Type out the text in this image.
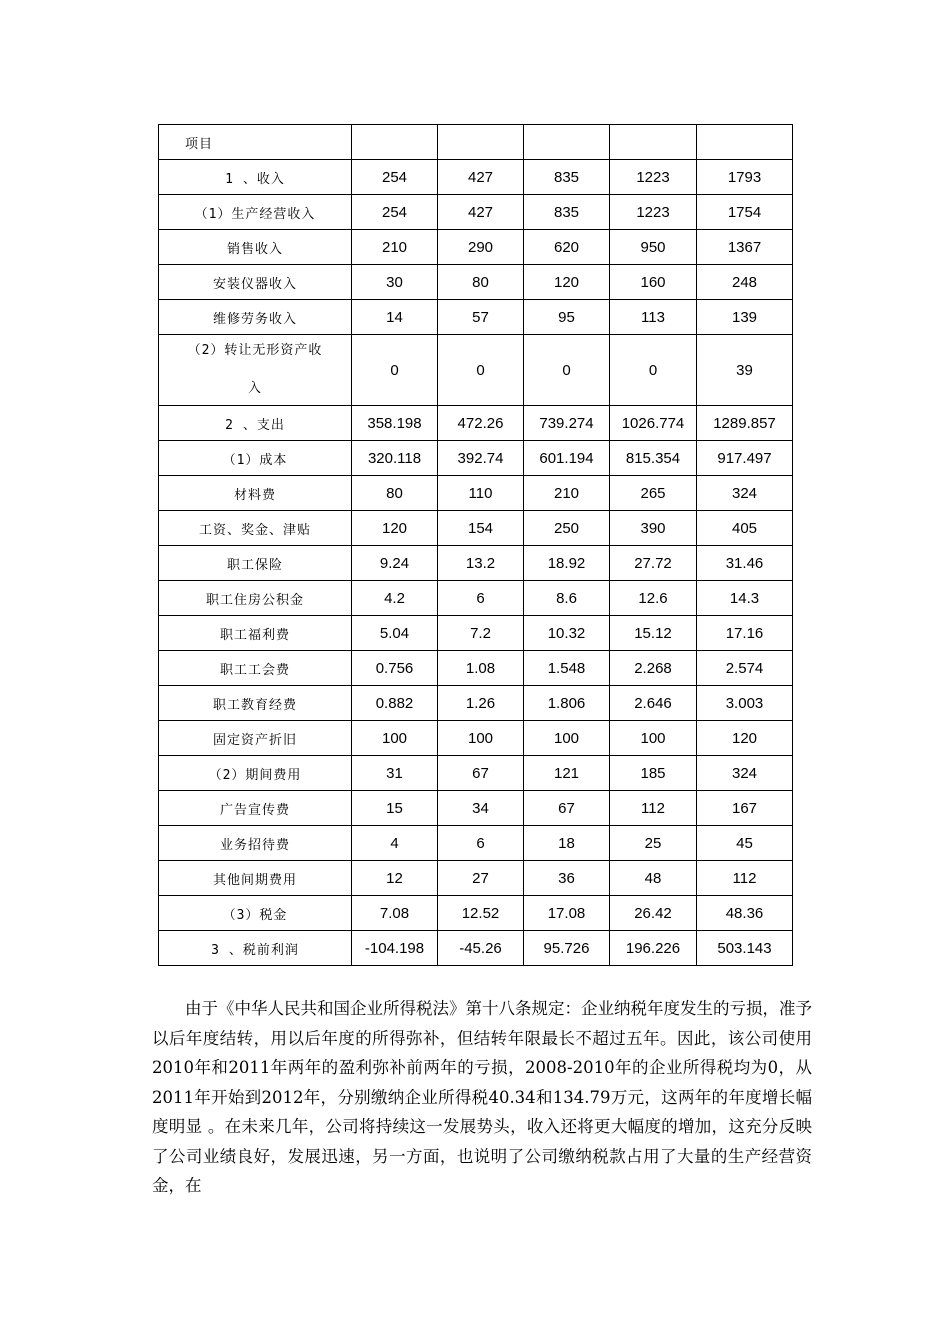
项目					
1 、收入	254	427	835	1223	1793
（1）生产经营收入	254	427	835	1223	1754
销售收入	210	290	620	950	1367
安装仪器收入	30	80	120	160	248
维修劳务收入	14	57	95	113	139

（2）转让无形资产收
入	0	0	0	0	39
2 、支出	358.198	472.26	739.274	1026.774	1289.857
（1）成本	320.118	392.74	601.194	815.354	917.497
材料费	80	110	210	265	324
工资、奖金、津贴	120	154	250	390	405
职工保险	9.24	13.2	18.92	27.72	31.46
职工住房公积金	4.2	6	8.6	12.6	14.3
职工福利费	5.04	7.2	10.32	15.12	17.16
职工工会费	0.756	1.08	1.548	2.268	2.574
职工教育经费	0.882	1.26	1.806	2.646	3.003
固定资产折旧	100	100	100	100	120
（2）期间费用	31	67	121	185	324
广告宣传费	15	34	67	112	167
业务招待费	4	6	18	25	45
其他间期费用	12	27	36	48	112
（3）税金	7.08	12.52	17.08	26.42	48.36
3 、税前利润	-104.198	-45.26	95.726	196.226	503.143

由于《中华人民共和国企业所得税法》第十八条规定：企业纳税年度发生的亏损，准予以后年度结转，用以后年度的所得弥补，但结转年限最长不超过五年。因此，该公司使用2010年和2011年两年的盈利弥补前两年的亏损，2008-2010年的企业所得税均为0，从2011年开始到2012年，分别缴纳企业所得税40.34和134.79万元，这两年的年度增长幅度明显 。在未来几年，公司将持续这一发展势头，收入还将更大幅度的增加，这充分反映了公司业绩良好，发展迅速，另一方面，也说明了公司缴纳税款占用了大量的生产经营资金，在
